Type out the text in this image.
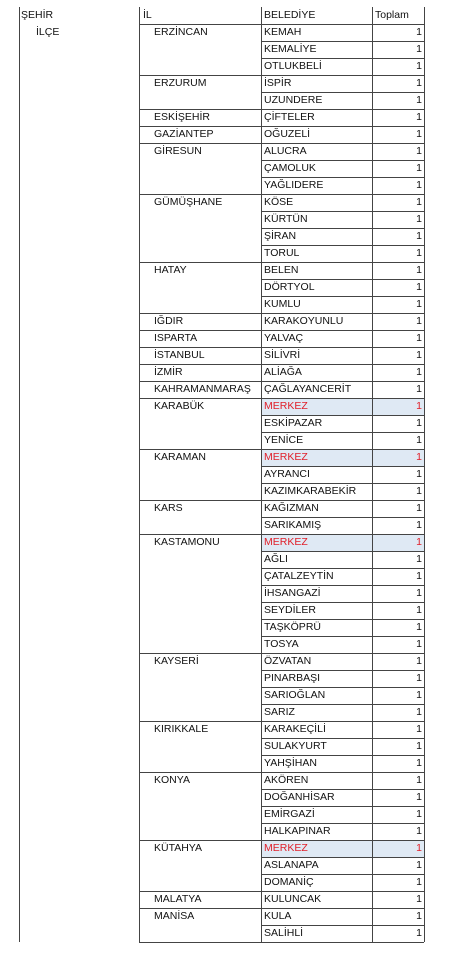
ŞEHİR
İLÇE
İL	BELEDİYE	Toplam
ERZİNCAN	KEMAH	1
KEMALİYE	1
OTLUKBELİ	1
ERZURUM	İSPİR	1
UZUNDERE	1
ESKİŞEHİR	ÇİFTELER	1
GAZİANTEP	OĞUZELİ	1
GİRESUN	ALUCRA	1
ÇAMOLUK	1
YAĞLIDERE	1
GÜMÜŞHANE	KÖSE	1
KÜRTÜN	1
ŞİRAN	1
TORUL	1
HATAY	BELEN	1
DÖRTYOL	1
KUMLU	1
IĞDIR	KARAKOYUNLU	1
ISPARTA	YALVAÇ	1
İSTANBUL	SİLİVRİ	1
İZMİR	ALİAĞA	1
KAHRAMANMARAŞ	ÇAĞLAYANCERİT	1
KARABÜK	MERKEZ	1
ESKİPAZAR	1
YENİCE	1
KARAMAN	MERKEZ	1
AYRANCI	1
KAZIMKARABEKİR	1
KARS	KAĞIZMAN	1
SARIKAMIŞ	1
KASTAMONU	MERKEZ	1
AĞLI	1
ÇATALZEYTİN	1
İHSANGAZİ	1
SEYDİLER	1
TAŞKÖPRÜ	1
TOSYA	1
KAYSERİ	ÖZVATAN	1
PINARBAŞI	1
SARIOĞLAN	1
SARIZ	1
KIRIKKALE	KARAKEÇİLİ	1
SULAKYURT	1
YAHŞİHAN	1
KONYA	AKÖREN	1
DOĞANHİSAR	1
EMİRGAZİ	1
HALKAPINAR	1
KÜTAHYA	MERKEZ	1
ASLANAPA	1
DOMANİÇ	1
MALATYA	KULUNCAK	1
MANİSA	KULA	1
SALİHLİ	1
